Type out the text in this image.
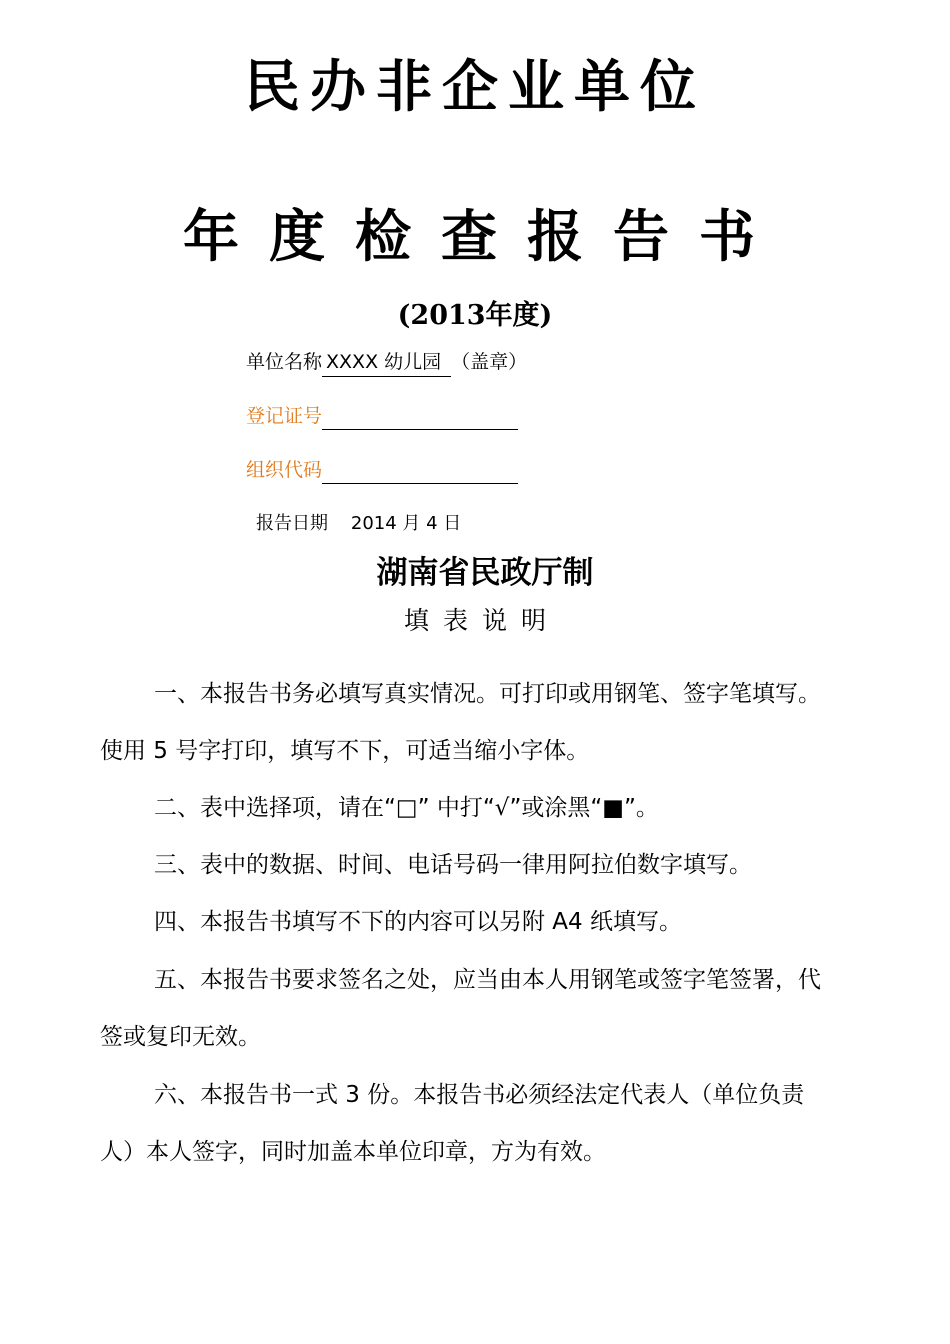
民办非企业单位
年度检查报告书
(2013年度)
单位名称 XXXX 幼儿园 （盖章）
登记证号
组织代码
报告日期    2014 月 4 日
湖南省民政厅制
填表说明

一、本报告书务必填写真实情况。可打印或用钢笔、签字笔填写。使用 5 号字打印，填写不下，可适当缩小字体。

二、表中选择项，请在“□” 中打“√”或涂黑“■”。

三、表中的数据、时间、电话号码一律用阿拉伯数字填写。

四、本报告书填写不下的内容可以另附 A4 纸填写。

五、本报告书要求签名之处，应当由本人用钢笔或签字笔签署，代签或复印无效。

六、本报告书一式 3 份。本报告书必须经法定代表人（单位负责人）本人签字，同时加盖本单位印章，方为有效。
